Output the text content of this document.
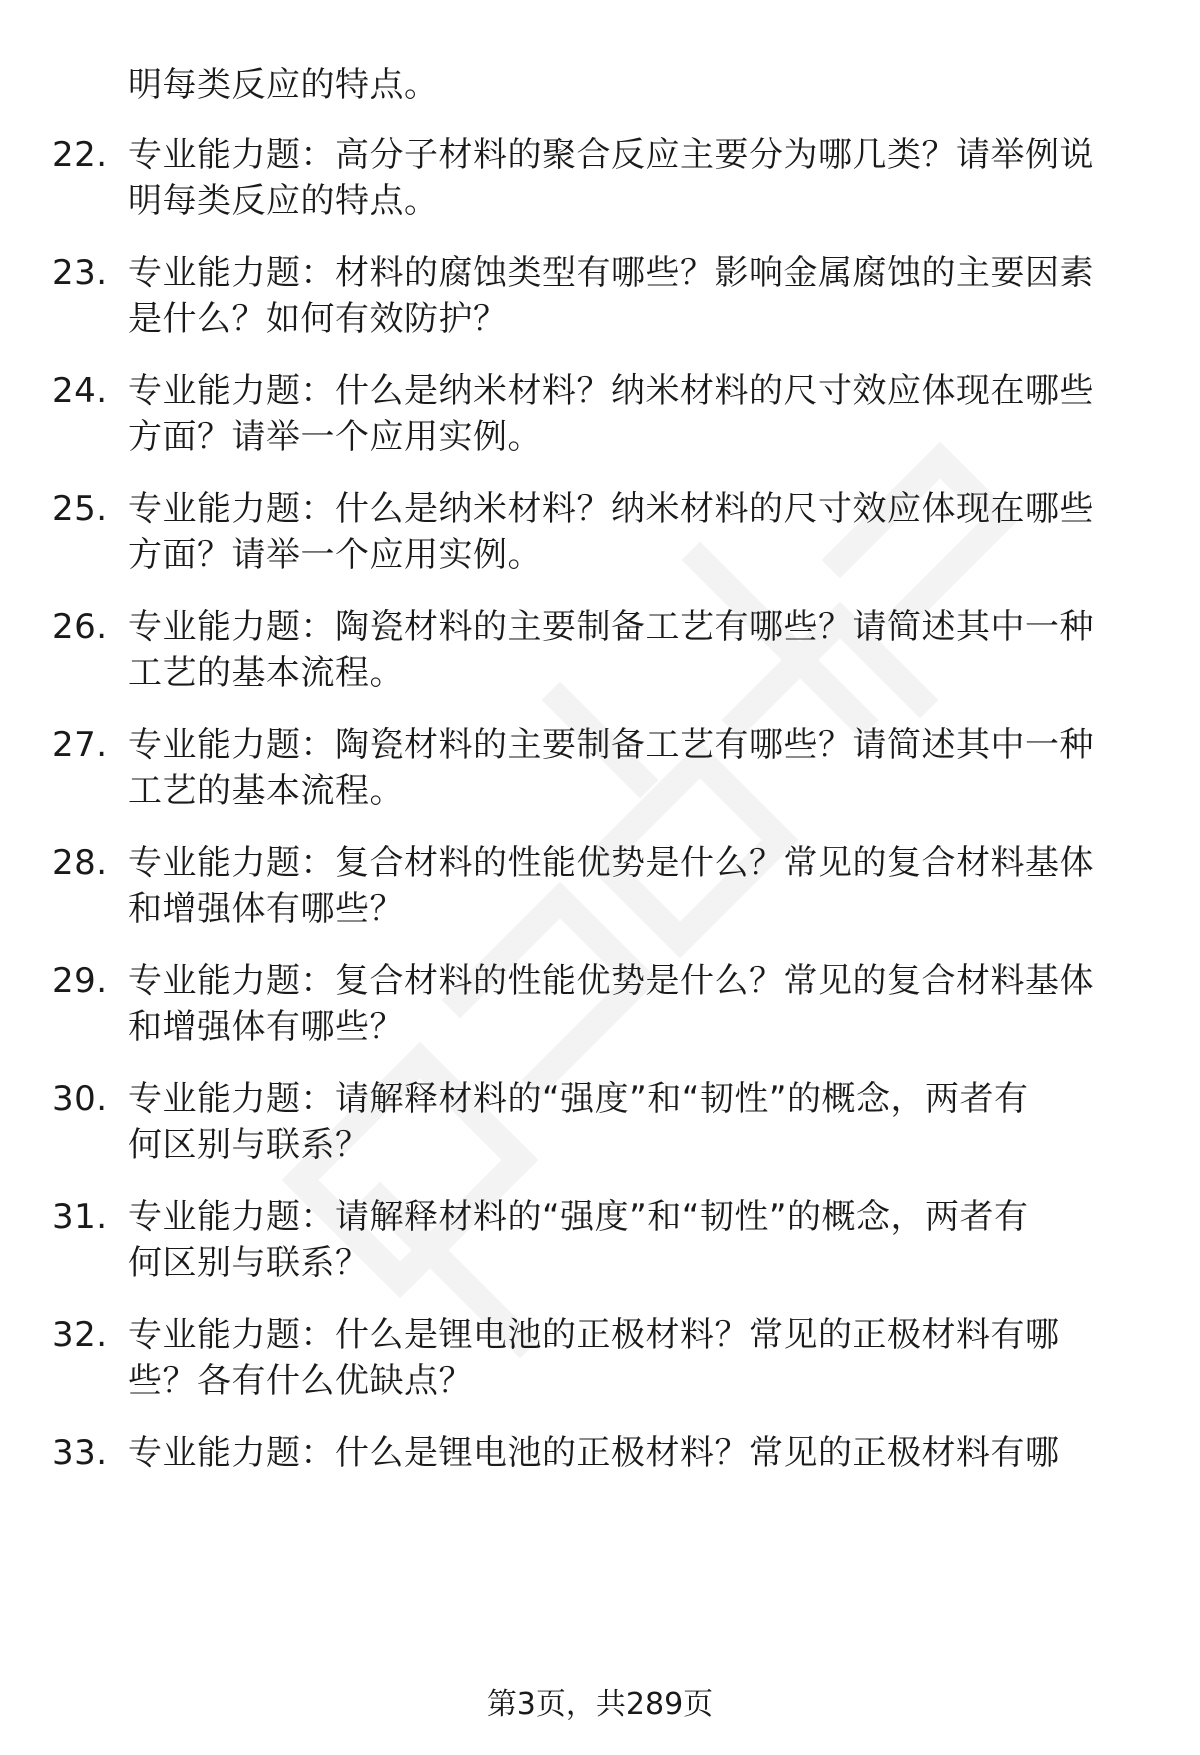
明每类反应的特点。
22. 专业能力题：高分子材料的聚合反应主要分为哪几类？请举例说
明每类反应的特点。
23. 专业能力题：材料的腐蚀类型有哪些？影响金属腐蚀的主要因素
是什么？如何有效防护？
24. 专业能力题：什么是纳米材料？纳米材料的尺寸效应体现在哪些
方面？请举一个应用实例。
25. 专业能力题：什么是纳米材料？纳米材料的尺寸效应体现在哪些
方面？请举一个应用实例。
26. 专业能力题：陶瓷材料的主要制备工艺有哪些？请简述其中一种
工艺的基本流程。
27. 专业能力题：陶瓷材料的主要制备工艺有哪些？请简述其中一种
工艺的基本流程。
28. 专业能力题：复合材料的性能优势是什么？常见的复合材料基体
和增强体有哪些？
29. 专业能力题：复合材料的性能优势是什么？常见的复合材料基体
和增强体有哪些？
30. 专业能力题：请解释材料的“强度”和“韧性”的概念，两者有
何区别与联系？
31. 专业能力题：请解释材料的“强度”和“韧性”的概念，两者有
何区别与联系？
32. 专业能力题：什么是锂电池的正极材料？常见的正极材料有哪
些？各有什么优缺点？
33. 专业能力题：什么是锂电池的正极材料？常见的正极材料有哪
第3页，共289页
